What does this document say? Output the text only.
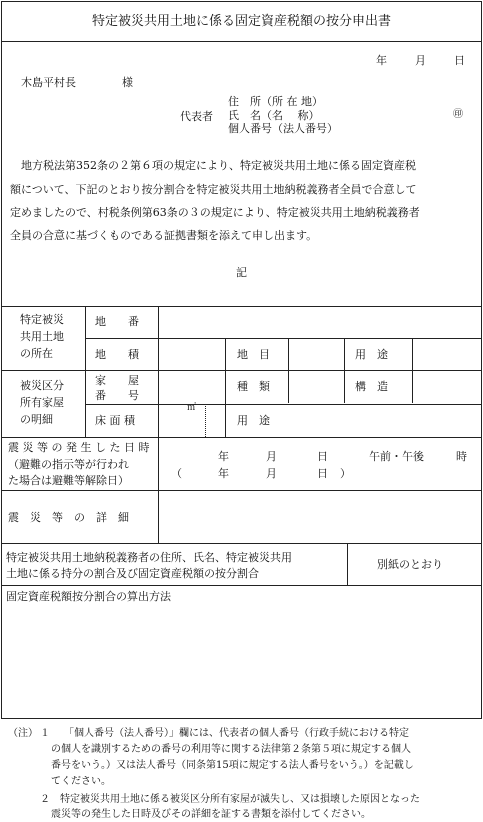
特定被災共用土地に係る固定資産税額の按分申出書
年	月	日
木島平村長	様
代表者
住　所（所 在 地）
氏　名（名　 称）
個人番号（法人番号）
㊞
　地方税法第352条の２第６項の規定により、特定被災共用土地に係る固定資産税
額について、下記のとおり按分割合を特定被災共用土地納税義務者全員で合意して
定めましたので、村税条例第63条の３の規定により、特定被災共用土地納税義務者
全員の合意に基づくものである証拠書類を添えて申し出ます。
記
特定被災
共用土地
の所在
地　　番
地　　積	地　目	用　途
被災区分
所有家屋
の明細
家　　屋
番　　号
種　類	構　造
床 面 積
㎡
用　途
震 災 等 の 発 生 し た 日 時
（避難の指示等が行われ
た場合は避難等解除日）
年	月	日	午前・午後	時
（	年	月	日 ）
震　災　等　の　詳　細
特定被災共用土地納税義務者の住所、氏名、特定被災共用
土地に係る持分の割合及び固定資産税額の按分割合
別紙のとおり
固定資産税額按分割合の算出方法
（注） １ 「個人番号（法人番号）」欄には、代表者の個人番号（行政手続における特定
の個人を識別するための番号の利用等に関する法律第２条第５項に規定する個人
番号をいう。）又は法人番号（同条第15項に規定する法人番号をいう。）を記載し
てください。
２ 特定被災共用土地に係る被災区分所有家屋が滅失し、又は損壊した原因となった
震災等の発生した日時及びその詳細を証する書類を添付してください。
